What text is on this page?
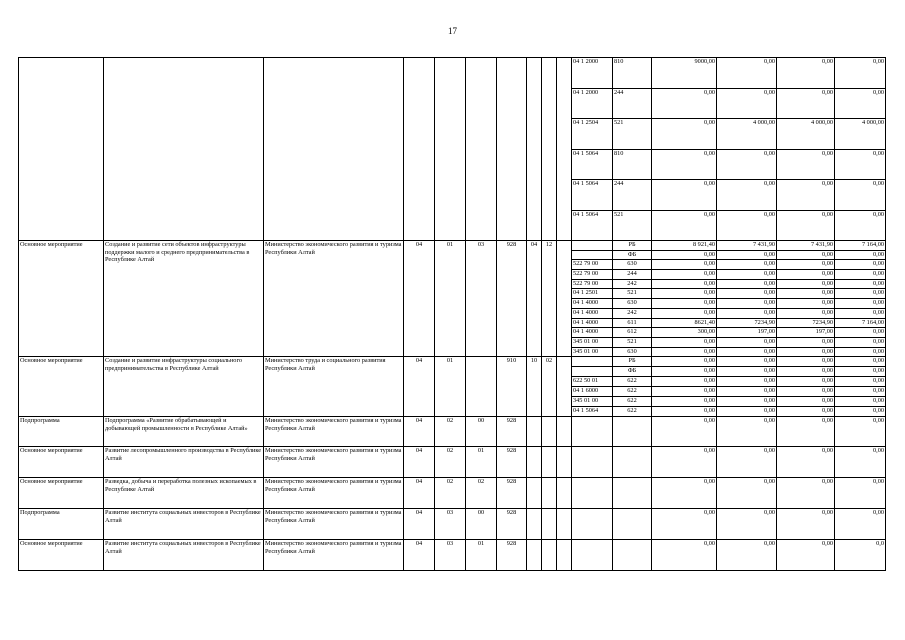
17
										04 1 2000	810	9000,00	0,00	0,00	0,00
										04 1 2000	244	0,00	0,00	0,00	0,00
										04 1 2504	521	0,00	4 000,00	4 000,00	4 000,00
										04 1 5064	810	0,00	0,00	0,00	0,00
										04 1 5064	244	0,00	0,00	0,00	0,00
										04 1 5064	521	0,00	0,00	0,00	0,00
Основное мероприятие	Создание и развитие сети объектов инфраструктуры поддержки малого и среднего предпринимательства в Республике Алтай	Министерство экономического развития и туризма Республики Алтай	04	01	03	928	04	12			РБ	8 921,40	7 431,90	7 431,90	7 164,00
											ФБ	0,00	0,00	0,00	0,00
										522 79 00	630	0,00	0,00	0,00	0,00
										522 79 00	244	0,00	0,00	0,00	0,00
										522 79 00	242	0,00	0,00	0,00	0,00
										04 1 2501	521	0,00	0,00	0,00	0,00
										04 1 4000	630	0,00	0,00	0,00	0,00
										04 1 4000	242	0,00	0,00	0,00	0,00
										04 1 4000	611	8621,40	7234,90	7234,90	7 164,00
										04 1 4000	612	300,00	197,00	197,00	0,00
										345 01 00	521	0,00	0,00	0,00	0,00
										345 01 00	630	0,00	0,00	0,00	0,00
Основное мероприятие	Создание и развитие инфраструктуры социального предпринимательства в Республике Алтай	Министерство труда и социального развития Республики Алтай	04	01		910	10	02			РБ	0,00	0,00	0,00	0,00
											ФБ	0,00	0,00	0,00	0,00
										622 50 01	622	0,00	0,00	0,00	0,00
										04 1 6000	622	0,00	0,00	0,00	0,00
										345 01 00	622	0,00	0,00	0,00	0,00
										04 1 5064	622	0,00	0,00	0,00	0,00
Подпрограмма	Подпрограмма «Развитие обрабатывающей и добывающей промышленности в Республике Алтай»	Министерство экономического развития и туризма Республики Алтай	04	02	00	928						0,00	0,00	0,00	0,00
Основное мероприятие	Развитие лесопромышленного производства в Республике Алтай	Министерство экономического развития и туризма Республики Алтай	04	02	01	928						0,00	0,00	0,00	0,00
Основное мероприятие	Разведка, добыча и переработка полезных ископаемых в Республике Алтай	Министерство экономического развития и туризма Республики Алтай	04	02	02	928						0,00	0,00	0,00	0,00
Подпрограмма	Развитие института социальных инвесторов в Республике Алтай	Министерство экономического развития и туризма Республики Алтай	04	03	00	928						0,00	0,00	0,00	0,00
Основное мероприятие	Развитие института социальных инвесторов в Республике Алтай	Министерство экономического развития и туризма Республики Алтай	04	03	01	928						0,00	0,00	0,00	0,0
